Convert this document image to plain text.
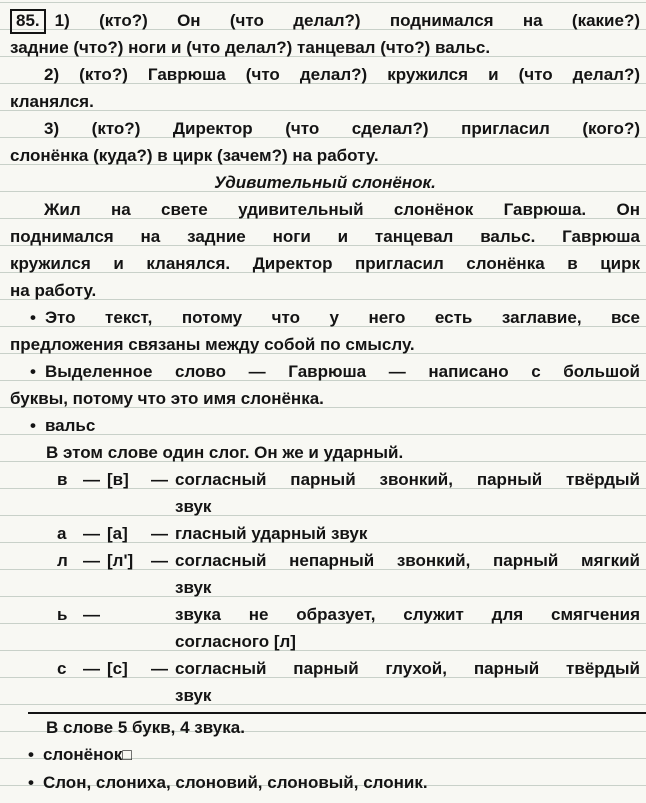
85. 1) (кто?) Он (что делал?) поднимался на (какие?)
задние (что?) ноги и (что делал?) танцевал (что?) вальс.
2) (кто?) Гаврюша (что делал?) кружился и (что делал?)
кланялся.
3) (кто?) Директор (что сделал?) пригласил (кого?)
слонёнка (куда?) в цирк (зачем?) на работу.
Удивительный слонёнок.
Жил на свете удивительный слонёнок Гаврюша. Он
поднимался на задние ноги и танцевал вальс. Гаврюша
кружился и кланялся. Директор пригласил слонёнка в цирк
на работу.
• Это текст, потому что у него есть заглавие, все
предложения связаны между собой по смыслу.
• Выделенное слово — Гаврюша — написано с большой
буквы, потому что это имя слонёнка.
• вальс
В этом слове один слог. Он же и ударный.
в — [в]	— согласный парный звонкий, парный твёрдый
звук
а — [а]	— гласный ударный звук
л — [л']	— согласный непарный звонкий, парный мягкий
звук
ь —	звука не образует, служит для смягчения
согласного [л]
с — [с]	— согласный парный глухой, парный твёрдый
звук
В слове 5 букв, 4 звука.
• слонёнок□
• Слон, слониха, слоновий, слоновый, слоник.
